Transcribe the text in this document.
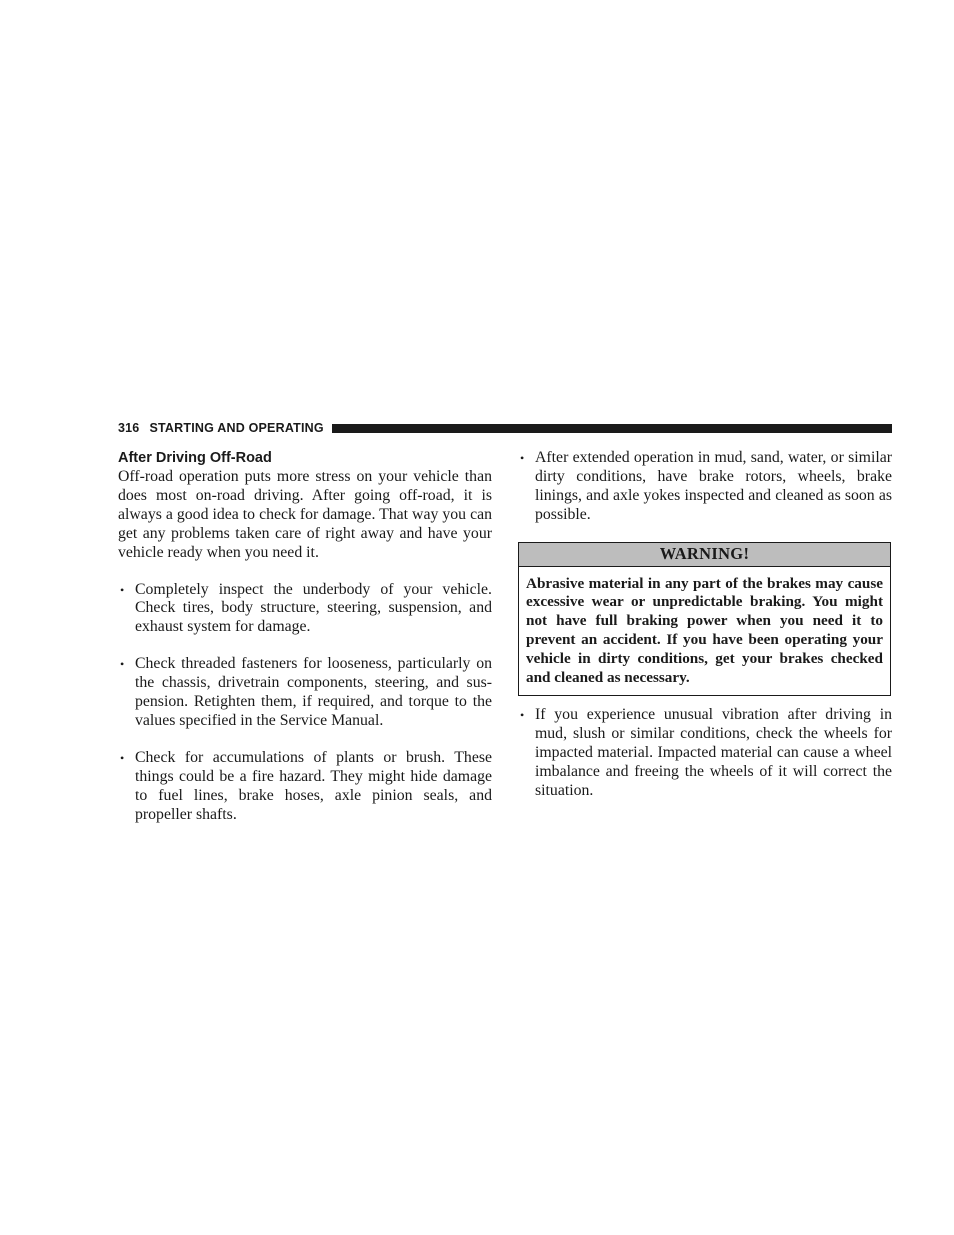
316 STARTING AND OPERATING
After Driving Off-Road

Off-road operation puts more stress on your vehicle than does most on-road driving. After going off-road, it is always a good idea to check for damage. That way you can get any problems taken care of right away and have your vehicle ready when you need it.

• Completely inspect the underbody of your vehicle. Check tires, body structure, steering, suspension, and exhaust system for damage.
• Check threaded fasteners for looseness, particularly on the chassis, drivetrain components, steering, and sus-pension. Retighten them, if required, and torque to the values specified in the Service Manual.
• Check for accumulations of plants or brush. These things could be a fire hazard. They might hide damage to fuel lines, brake hoses, axle pinion seals, and propeller shafts.
• After extended operation in mud, sand, water, or similar dirty conditions, have brake rotors, wheels, brake linings, and axle yokes inspected and cleaned as soon as possible.
WARNING!
Abrasive material in any part of the brakes may cause excessive wear or unpredictable braking. You might not have full braking power when you need it to prevent an accident. If you have been operating your vehicle in dirty conditions, get your brakes checked and cleaned as necessary.
• If you experience unusual vibration after driving in mud, slush or similar conditions, check the wheels for impacted material. Impacted material can cause a wheel imbalance and freeing the wheels of it will correct the situation.
